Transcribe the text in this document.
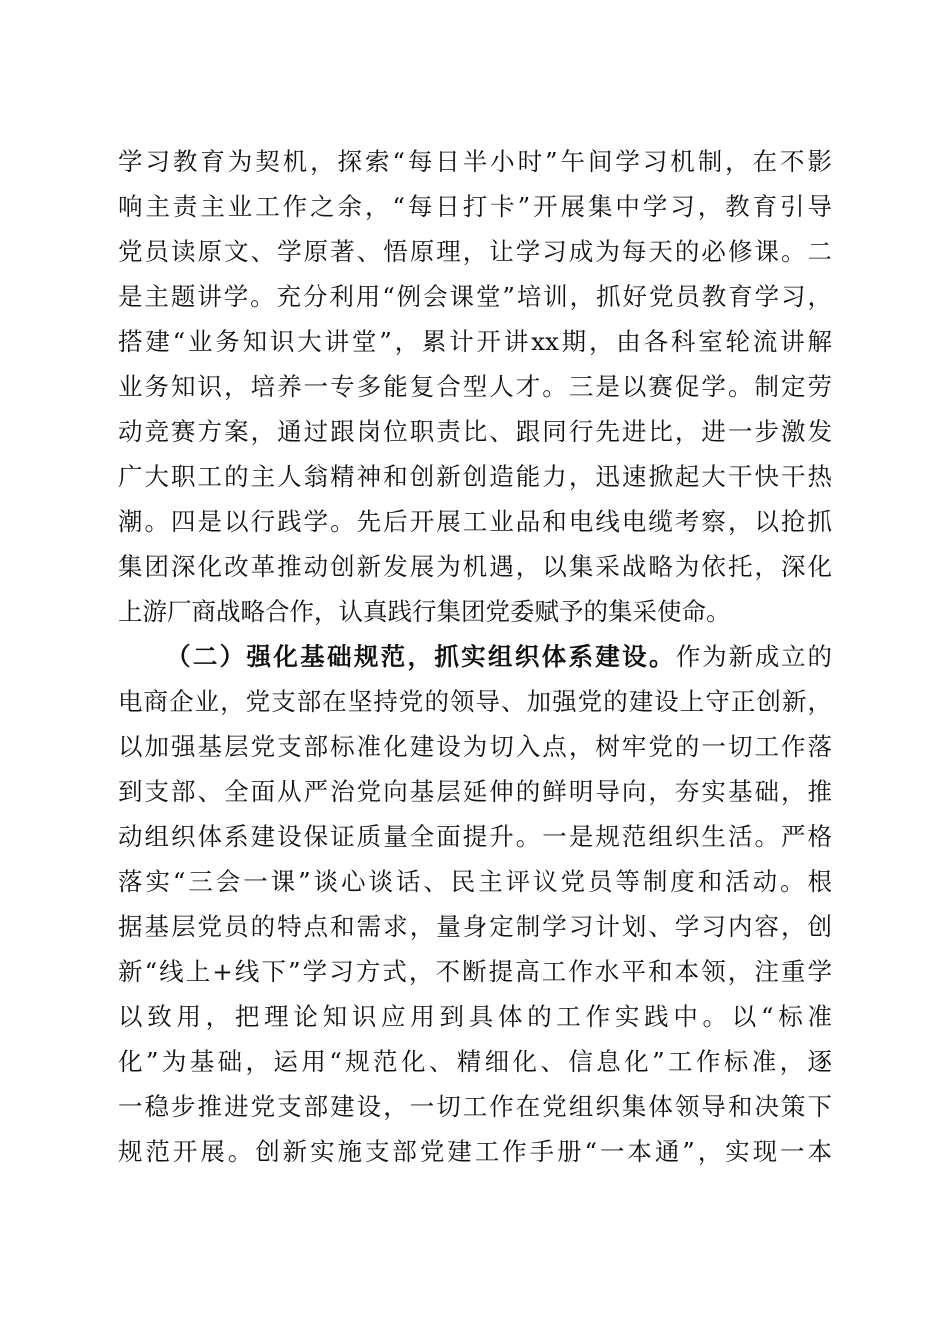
学习教育为契机，探索“每日半小时”午间学习机制，在不影
响主责主业工作之余，“每日打卡”开展集中学习，教育引导
党员读原文、学原著、悟原理，让学习成为每天的必修课。二
是主题讲学。充分利用“例会课堂”培训，抓好党员教育学习，
搭建“业务知识大讲堂”，累计开讲xx期，由各科室轮流讲解
业务知识，培养一专多能复合型人才。三是以赛促学。制定劳
动竞赛方案，通过跟岗位职责比、跟同行先进比，进一步激发
广大职工的主人翁精神和创新创造能力，迅速掀起大干快干热
潮。四是以行践学。先后开展工业品和电线电缆考察，以抢抓
集团深化改革推动创新发展为机遇，以集采战略为依托，深化
上游厂商战略合作，认真践行集团党委赋予的集采使命。
（二）强化基础规范，抓实组织体系建设。作为新成立的
电商企业，党支部在坚持党的领导、加强党的建设上守正创新，
以加强基层党支部标准化建设为切入点，树牢党的一切工作落
到支部、全面从严治党向基层延伸的鲜明导向，夯实基础，推
动组织体系建设保证质量全面提升。一是规范组织生活。严格
落实“三会一课”谈心谈话、民主评议党员等制度和活动。根
据基层党员的特点和需求，量身定制学习计划、学习内容，创
新“线上+线下”学习方式，不断提高工作水平和本领，注重学
以致用，把理论知识应用到具体的工作实践中。以“标准
化”为基础，运用“规范化、精细化、信息化”工作标准，逐
一稳步推进党支部建设，一切工作在党组织集体领导和决策下
规范开展。创新实施支部党建工作手册“一本通”，实现一本
